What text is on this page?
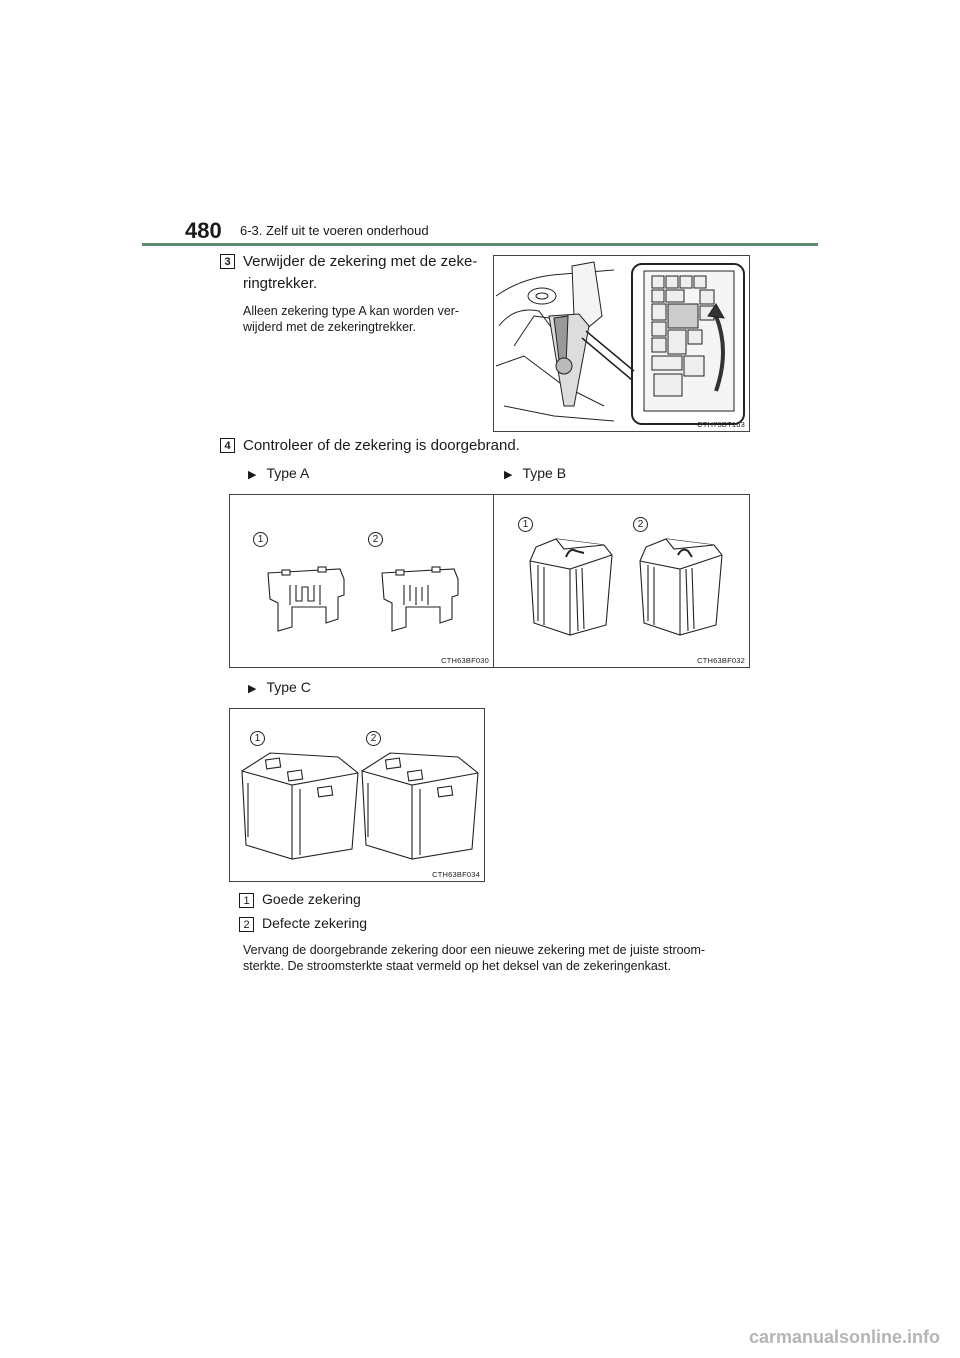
480 6-3. Zelf uit te voeren onderhoud
3 Verwijder de zekering met de zeke-
ringtrekker.
Alleen zekering type A kan worden ver-
wijderd met de zekeringtrekker.
CTH73BT163
4 Controleer of de zekering is doorgebrand.
▶ Type A	▶ Type B
1	2
CTH63BF030
1	2
CTH63BF032
▶ Type C
1	2
CTH63BF034
1 Goede zekering
2 Defecte zekering
Vervang de doorgebrande zekering door een nieuwe zekering met de juiste stroom-
sterkte. De stroomsterkte staat vermeld op het deksel van de zekeringenkast.
carmanualsonline.info
